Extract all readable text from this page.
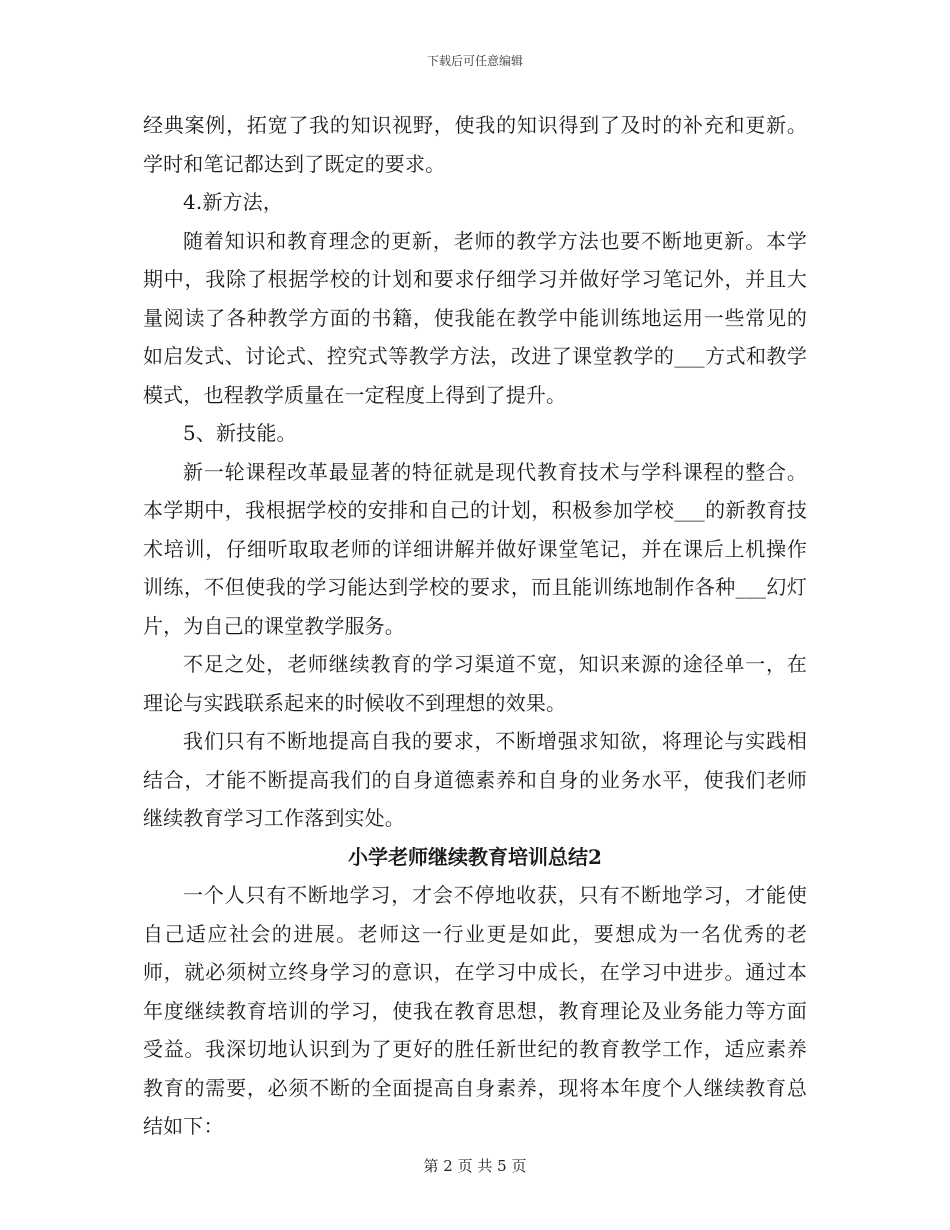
下载后可任意编辑

经典案例，拓宽了我的知识视野，使我的知识得到了及时的补充和更新。学时和笔记都达到了既定的要求。

4.新方法，

随着知识和教育理念的更新，老师的教学方法也要不断地更新。本学期中，我除了根据学校的计划和要求仔细学习并做好学习笔记外，并且大量阅读了各种教学方面的书籍，使我能在教学中能训练地运用一些常见的如启发式、讨论式、控究式等教学方法，改进了课堂教学的___方式和教学模式，也程教学质量在一定程度上得到了提升。

5、新技能。

新一轮课程改革最显著的特征就是现代教育技术与学科课程的整合。本学期中，我根据学校的安排和自己的计划，积极参加学校___的新教育技术培训，仔细听取取老师的详细讲解并做好课堂笔记，并在课后上机操作训练，不但使我的学习能达到学校的要求，而且能训练地制作各种___幻灯片，为自己的课堂教学服务。

不足之处，老师继续教育的学习渠道不宽，知识来源的途径单一，在理论与实践联系起来的时候收不到理想的效果。

我们只有不断地提高自我的要求，不断增强求知欲，将理论与实践相结合，才能不断提高我们的自身道德素养和自身的业务水平，使我们老师继续教育学习工作落到实处。

小学老师继续教育培训总结2

一个人只有不断地学习，才会不停地收获，只有不断地学习，才能使自己适应社会的进展。老师这一行业更是如此，要想成为一名优秀的老师，就必须树立终身学习的意识，在学习中成长，在学习中进步。通过本年度继续教育培训的学习，使我在教育思想，教育理论及业务能力等方面受益。我深切地认识到为了更好的胜任新世纪的教育教学工作，适应素养教育的需要，必须不断的全面提高自身素养，现将本年度个人继续教育总结如下：

第 2 页 共 5 页
